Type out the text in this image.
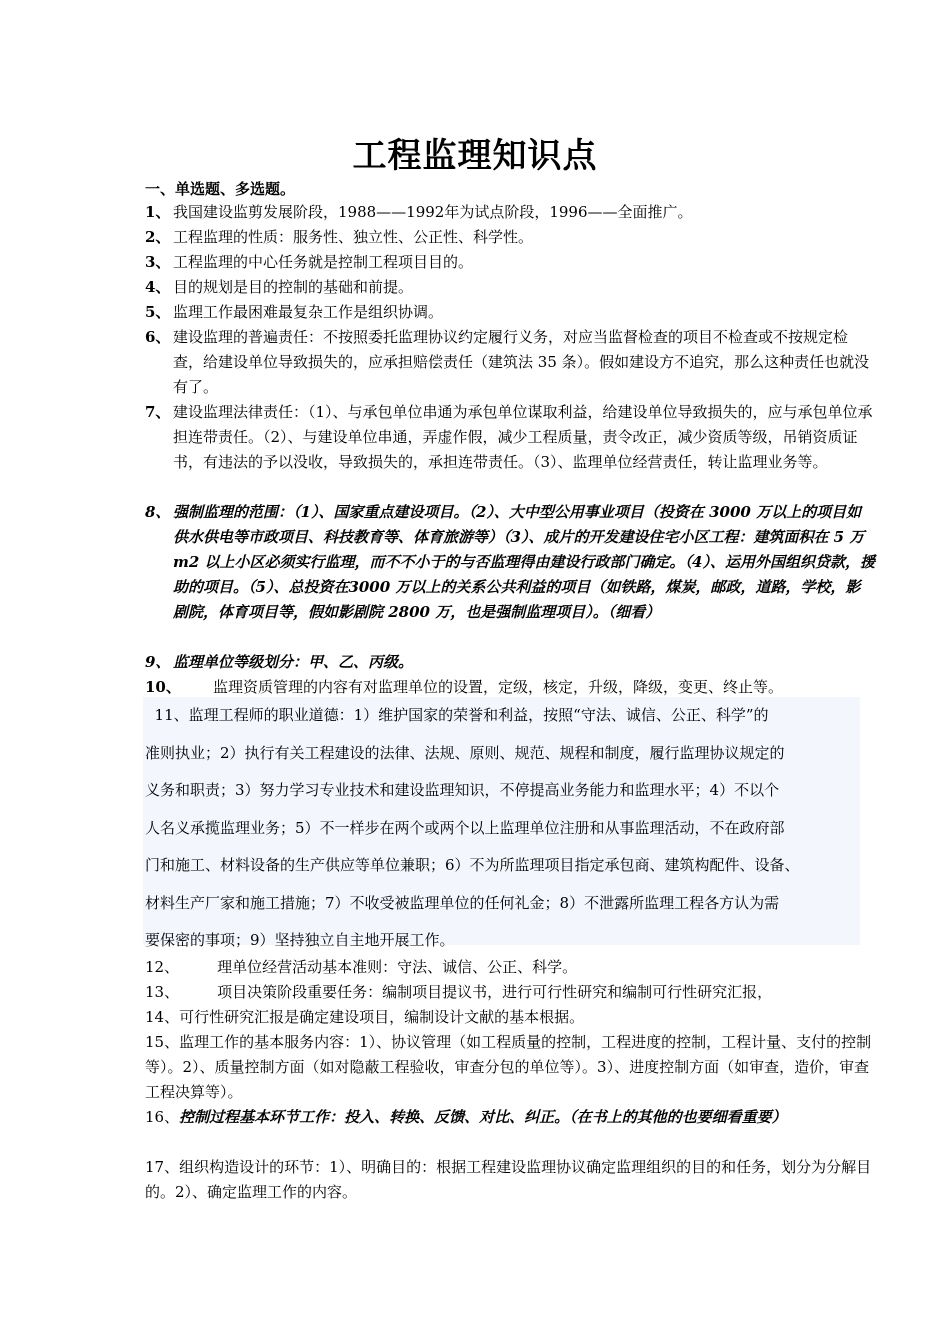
工程监理知识点
一、单选题、多选题。
1、 我国建设监剪发展阶段，1988——1992年为试点阶段，1996——全面推广。
2、 工程监理的性质：服务性、独立性、公正性、科学性。
3、 工程监理的中心任务就是控制工程项目目的。
4、 目的规划是目的控制的基础和前提。
5、 监理工作最困难最复杂工作是组织协调。
6、 建设监理的普遍责任：不按照委托监理协议约定履行义务，对应当监督检查的项目不检查或不按规定检查，给建设单位导致损失的，应承担赔偿责任（建筑法 35 条）。假如建设方不追究，那么这种责任也就没有了。
7、 建设监理法律责任：（1）、与承包单位串通为承包单位谋取利益，给建设单位导致损失的，应与承包单位承担连带责任。（2）、与建设单位串通，弄虚作假，减少工程质量，责令改正，减少资质等级，吊销资质证书，有违法的予以没收，导致损失的，承担连带责任。（3）、监理单位经营责任，转让监理业务等。
8、 强制监理的范围：（1）、国家重点建设项目。（2）、大中型公用事业项目（投资在 3000 万以上的项目如供水供电等市政项目、科技教育等、体育旅游等）（3）、成片的开发建设住宅小区工程：建筑面积在 5 万m2 以上小区必须实行监理，而不不小于的与否监理得由建设行政部门确定。（4）、运用外国组织贷款，援助的项目。（5）、总投资在3000 万以上的关系公共利益的项目（如铁路，煤炭，邮政，道路，学校，影剧院，体育项目等，假如影剧院 2800 万，也是强制监理项目）。（细看）
9、 监理单位等级划分：甲、乙、丙级。
10、	监理资质管理的内容有对监理单位的设置，定级，核定，升级，降级，变更、终止等。
11、监理工程师的职业道德：1）维护国家的荣誉和利益，按照“守法、诚信、公正、科学”的
准则执业；2）执行有关工程建设的法律、法规、原则、规范、规程和制度，履行监理协议规定的
义务和职责；3）努力学习专业技术和建设监理知识，不停提高业务能力和监理水平；4）不以个
人名义承揽监理业务；5）不一样步在两个或两个以上监理单位注册和从事监理活动，不在政府部
门和施工、材料设备的生产供应等单位兼职；6）不为所监理项目指定承包商、建筑构配件、设备、
材料生产厂家和施工措施；7）不收受被监理单位的任何礼金；8）不泄露所监理工程各方认为需
要保密的事项；9）坚持独立自主地开展工作。
12、	理单位经营活动基本准则：守法、诚信、公正、科学。
13、	项目决策阶段重要任务：编制项目提议书，进行可行性研究和编制可行性研究汇报，
14、可行性研究汇报是确定建设项目，编制设计文献的基本根据。
15、监理工作的基本服务内容：1）、协议管理（如工程质量的控制，工程进度的控制，工程计量、支付的控制等）。2）、质量控制方面（如对隐蔽工程验收，审查分包的单位等）。3）、进度控制方面（如审查，造价，审查工程决算等）。
16、控制过程基本环节工作：投入、转换、反馈、对比、纠正。（在书上的其他的也要细看重要）
17、组织构造设计的环节：1）、明确目的：根据工程建设监理协议确定监理组织的目的和任务，划分为分解目的。2）、确定监理工作的内容。
